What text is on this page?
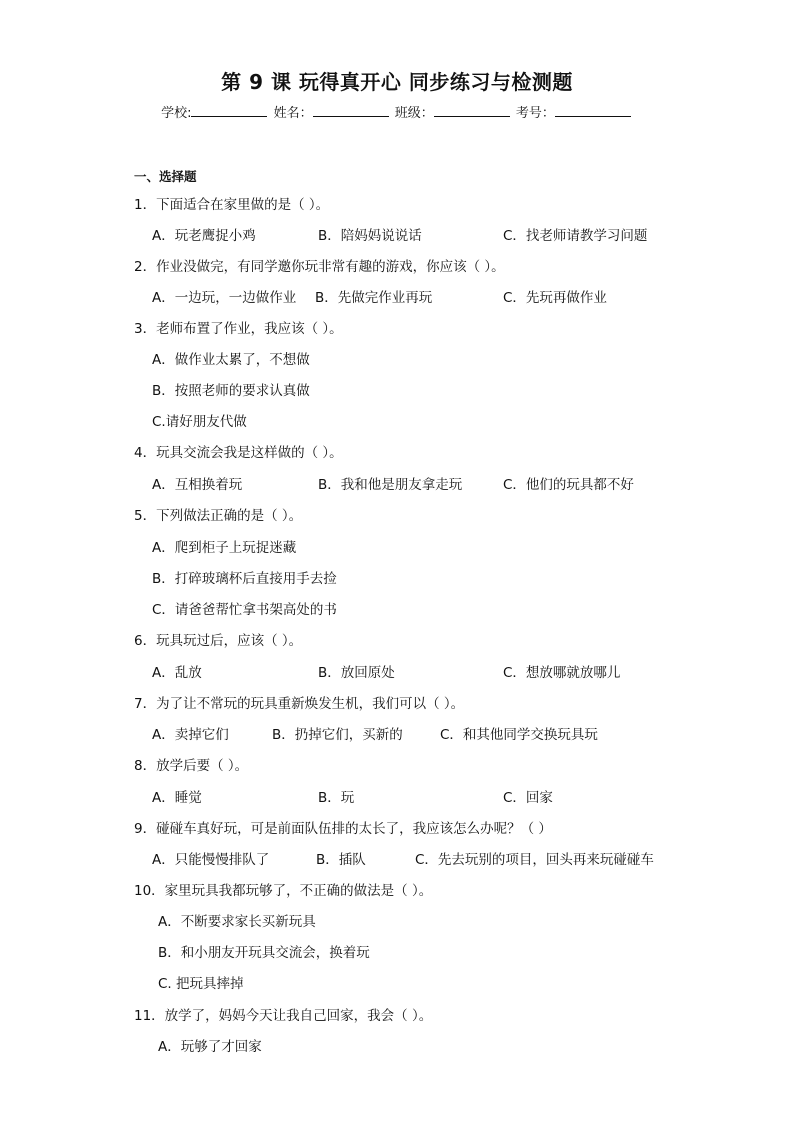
第 9 课 玩得真开心 同步练习与检测题
学校:	姓名：	班级：	考号：
一、选择题
1．下面适合在家里做的是（ ）。
A．玩老鹰捉小鸡	B．陪妈妈说说话	C．找老师请教学习问题
2．作业没做完，有同学邀你玩非常有趣的游戏，你应该（ ）。
A．一边玩，一边做作业 B．先做完作业再玩	C．先玩再做作业
3．老师布置了作业，我应该（ ）。
A．做作业太累了，不想做
B．按照老师的要求认真做
C.请好朋友代做
4．玩具交流会我是这样做的（ ）。
A．互相换着玩	B．我和他是朋友拿走玩	C．他们的玩具都不好
5．下列做法正确的是（ ）。
A．爬到柜子上玩捉迷藏
B．打碎玻璃杯后直接用手去捡
C．请爸爸帮忙拿书架高处的书
6．玩具玩过后，应该（ ）。
A．乱放	B．放回原处	C．想放哪就放哪儿
7．为了让不常玩的玩具重新焕发生机，我们可以（ ）。
A．卖掉它们	B．扔掉它们，买新的	C．和其他同学交换玩具玩
8．放学后要（ ）。
A．睡觉	B．玩	C．回家
9．碰碰车真好玩，可是前面队伍排的太长了，我应该怎么办呢？（ ）
A．只能慢慢排队了	B．插队	C．先去玩别的项目，回头再来玩碰碰车
10．家里玩具我都玩够了，不正确的做法是（ ）。
A．不断要求家长买新玩具
B．和小朋友开玩具交流会，换着玩
C. 把玩具摔掉
11．放学了，妈妈今天让我自己回家，我会（ ）。
A．玩够了才回家
